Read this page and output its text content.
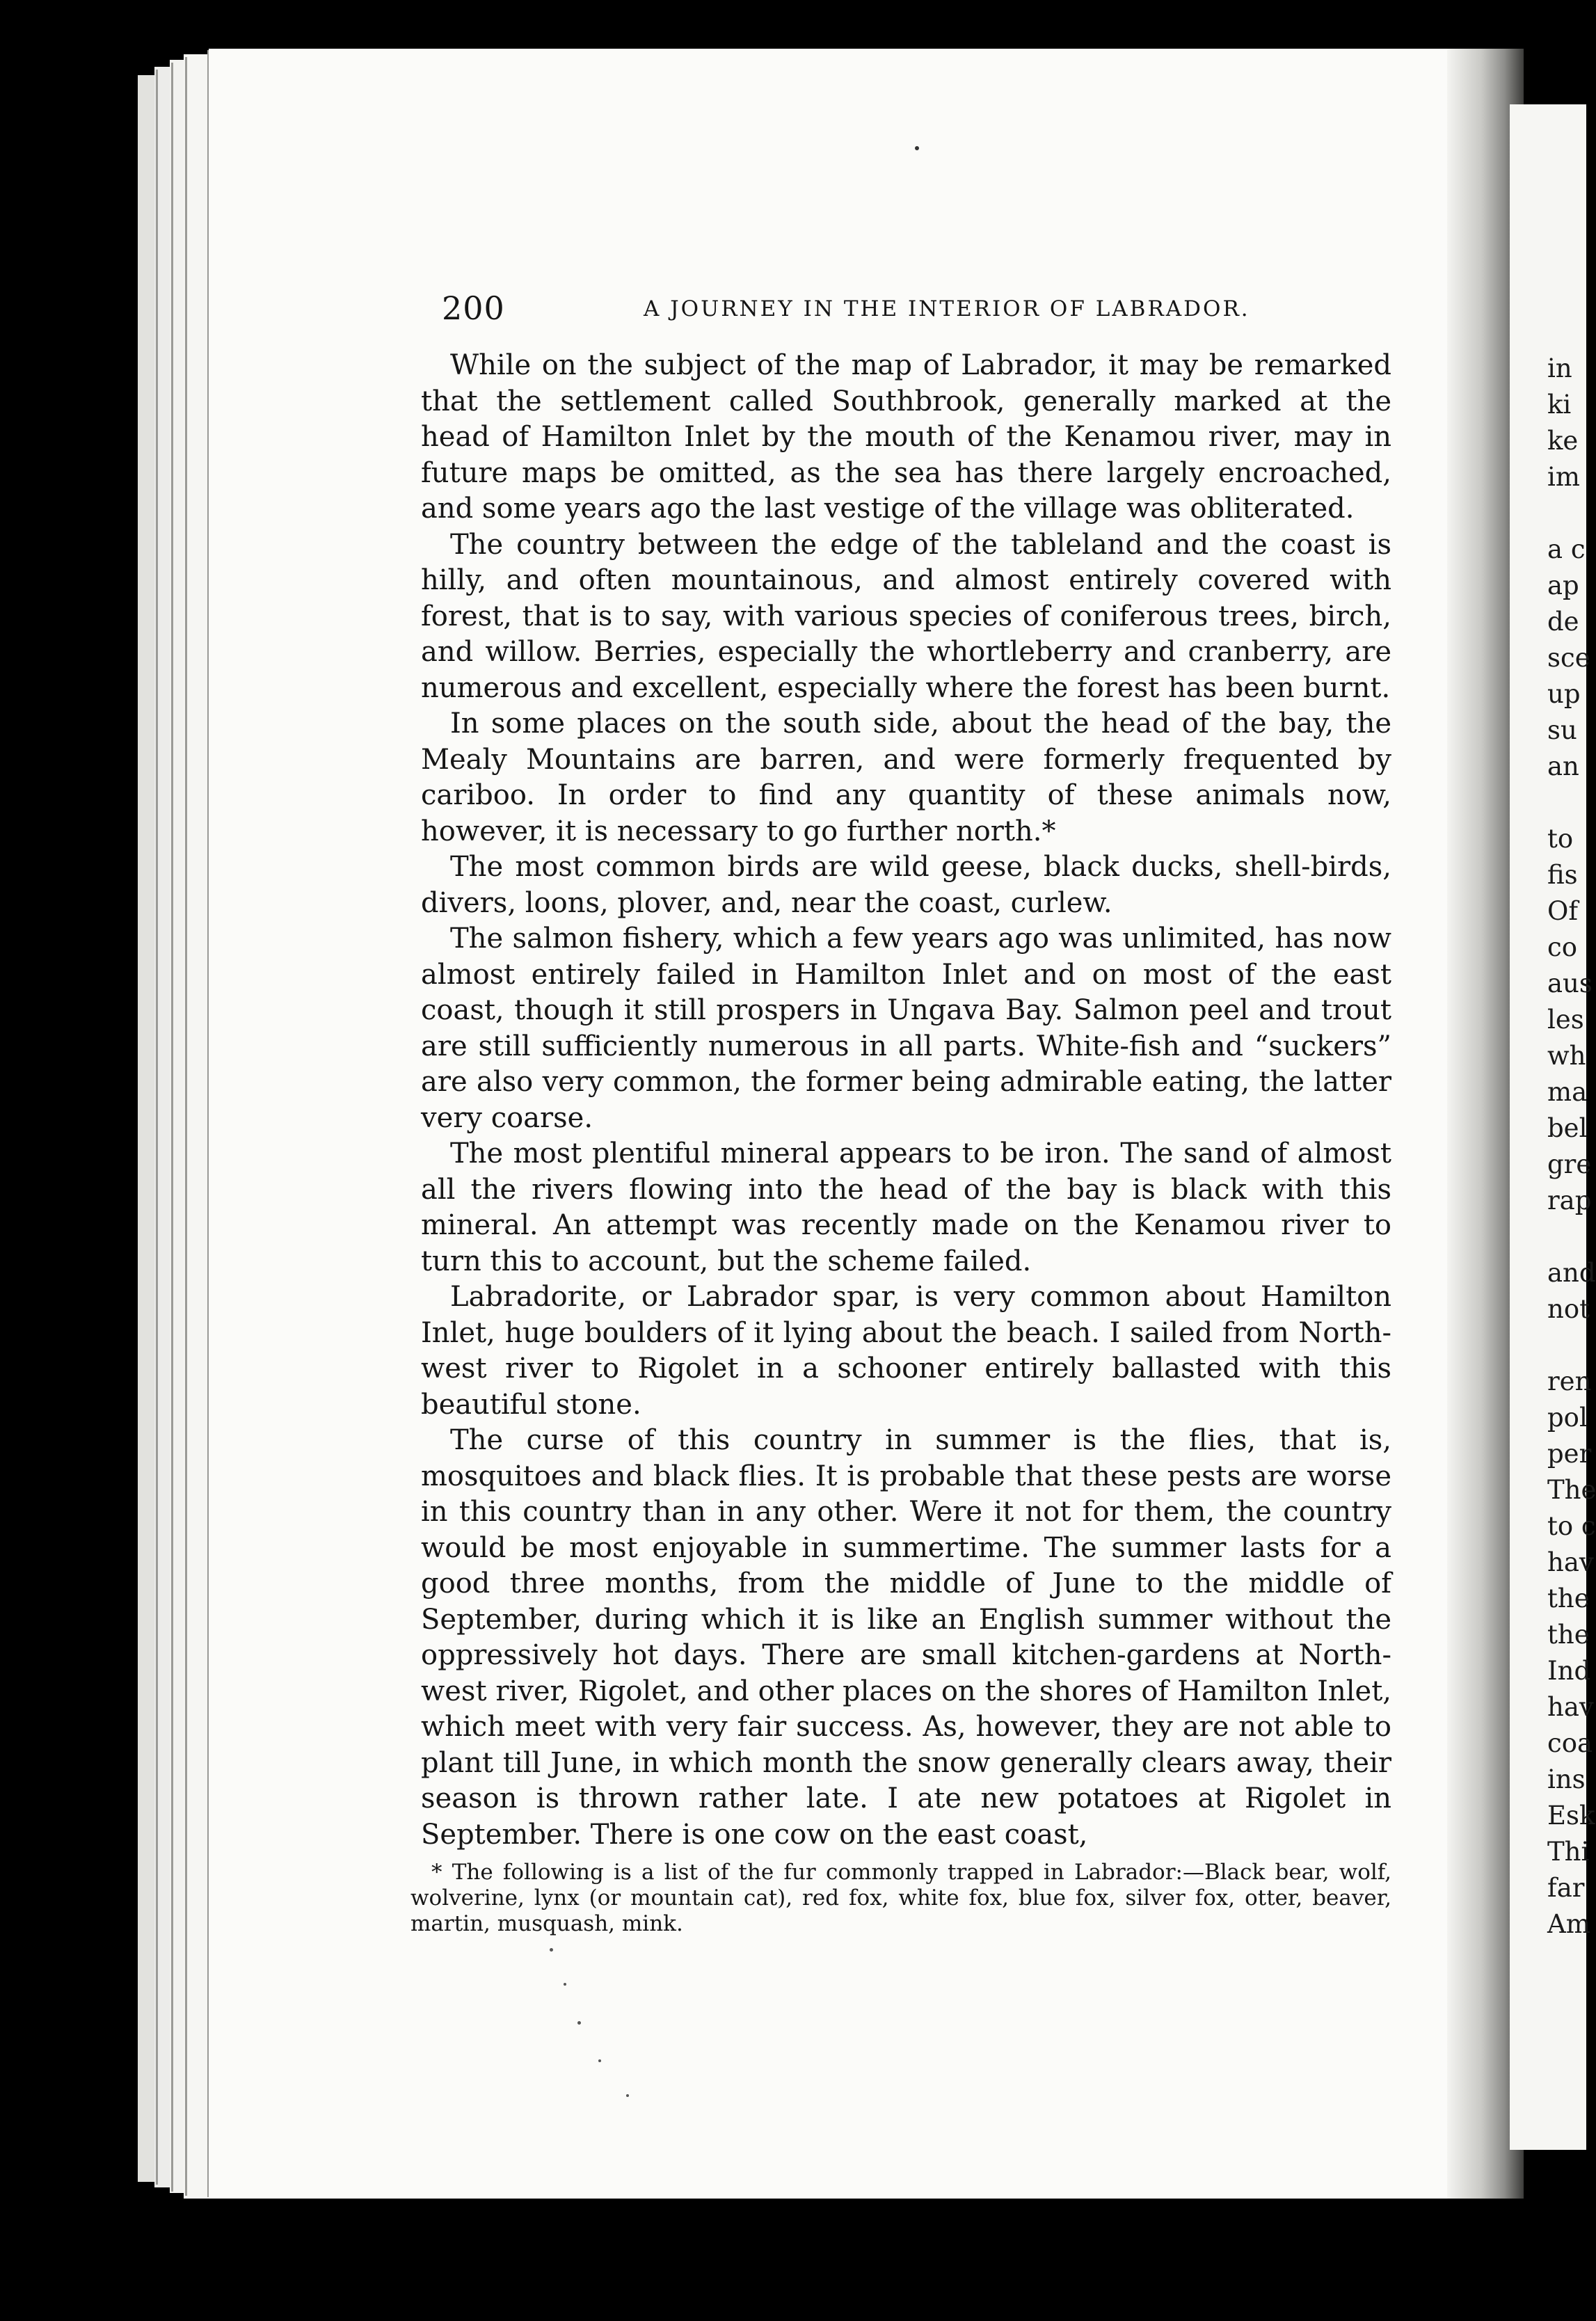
200	A JOURNEY IN THE INTERIOR OF LABRADOR.

While on the subject of the map of Labrador, it may be remarked that the settlement called Southbrook, generally marked at the head of Hamilton Inlet by the mouth of the Kenamou river, may in future maps be omitted, as the sea has there largely encroached, and some years ago the last vestige of the village was obliterated.

The country between the edge of the tableland and the coast is hilly, and often mountainous, and almost entirely covered with forest, that is to say, with various species of coniferous trees, birch, and willow. Berries, especially the whortleberry and cranberry, are numerous and excellent, especially where the forest has been burnt.

In some places on the south side, about the head of the bay, the Mealy Mountains are barren, and were formerly frequented by cariboo. In order to find any quantity of these animals now, however, it is necessary to go further north.*

The most common birds are wild geese, black ducks, shell-birds, divers, loons, plover, and, near the coast, curlew.

The salmon fishery, which a few years ago was unlimited, has now almost entirely failed in Hamilton Inlet and on most of the east coast, though it still prospers in Ungava Bay. Salmon peel and trout are still sufficiently numerous in all parts. White-fish and “suckers” are also very common, the former being admirable eating, the latter very coarse.

The most plentiful mineral appears to be iron. The sand of almost all the rivers flowing into the head of the bay is black with this mineral. An attempt was recently made on the Kenamou river to turn this to account, but the scheme failed.

Labradorite, or Labrador spar, is very common about Hamilton Inlet, huge boulders of it lying about the beach. I sailed from North-west river to Rigolet in a schooner entirely ballasted with this beautiful stone.

The curse of this country in summer is the flies, that is, mosquitoes and black flies. It is probable that these pests are worse in this country than in any other. Were it not for them, the country would be most enjoyable in summertime. The summer lasts for a good three months, from the middle of June to the middle of September, during which it is like an English summer without the oppressively hot days. There are small kitchen-gardens at North-west river, Rigolet, and other places on the shores of Hamilton Inlet, which meet with very fair success. As, however, they are not able to plant till June, in which month the snow generally clears away, their season is thrown rather late. I ate new potatoes at Rigolet in September. There is one cow on the east coast,

* The following is a list of the fur commonly trapped in Labrador:—Black bear, wolf, wolverine, lynx (or mountain cat), red fox, white fox, blue fox, silver fox, otter, beaver, martin, musquash, mink.

in
ki
ke
im
a c
ap
de
sce
up
su
an
to
fis
Of
co
aus
les
wh
ma
bel
gre
rap
and
not
ren
pol
per
The
to c
hav
the
the
Ind
hav
coa
ins
Esk
Thi
far
Am
